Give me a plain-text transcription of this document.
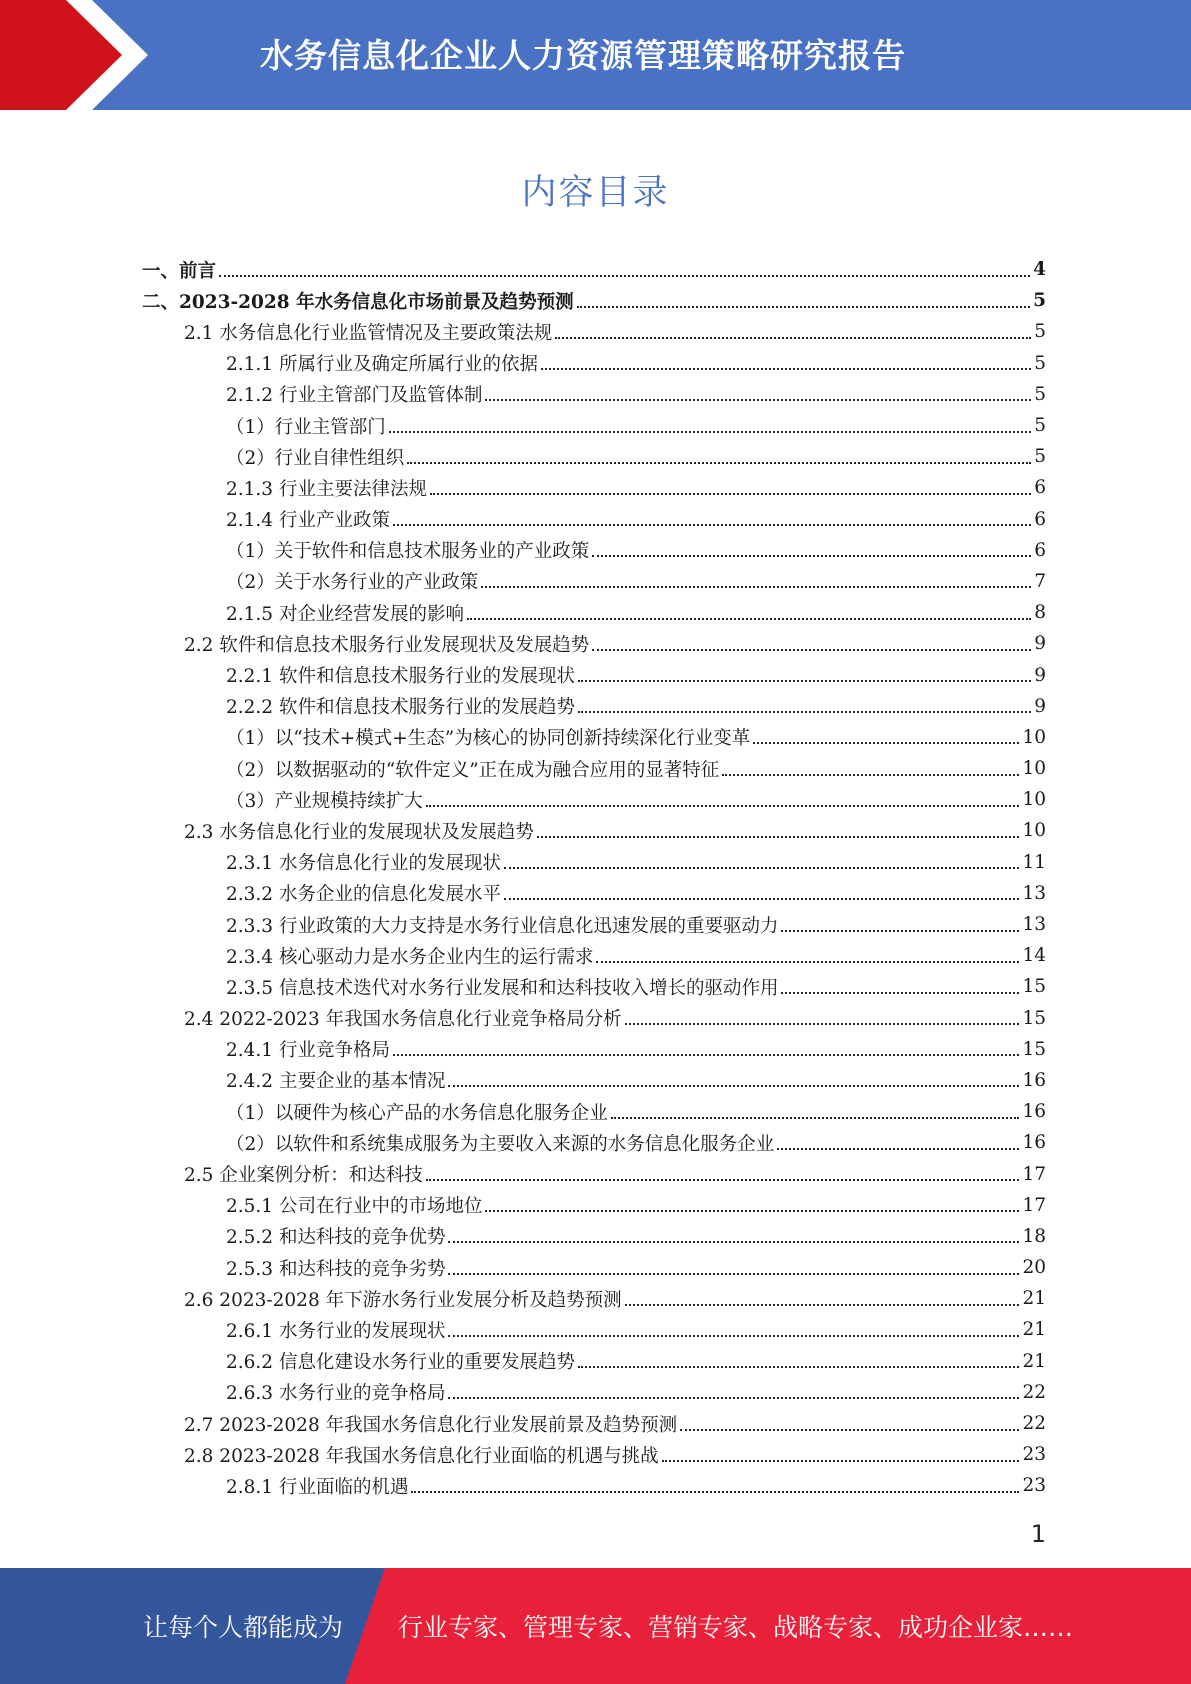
水务信息化企业人力资源管理策略研究报告
内容目录
一、前言	4
二、2023-2028 年水务信息化市场前景及趋势预测	5
2.1 水务信息化行业监管情况及主要政策法规	5
2.1.1 所属行业及确定所属行业的依据	5
2.1.2 行业主管部门及监管体制	5
（1）行业主管部门	5
（2）行业自律性组织	5
2.1.3 行业主要法律法规	6
2.1.4 行业产业政策	6
（1）关于软件和信息技术服务业的产业政策	6
（2）关于水务行业的产业政策	7
2.1.5 对企业经营发展的影响	8
2.2 软件和信息技术服务行业发展现状及发展趋势	9
2.2.1 软件和信息技术服务行业的发展现状	9
2.2.2 软件和信息技术服务行业的发展趋势	9
（1）以“技术+模式+生态”为核心的协同创新持续深化行业变革	10
（2）以数据驱动的“软件定义”正在成为融合应用的显著特征	10
（3）产业规模持续扩大	10
2.3 水务信息化行业的发展现状及发展趋势	10
2.3.1 水务信息化行业的发展现状	11
2.3.2 水务企业的信息化发展水平	13
2.3.3 行业政策的大力支持是水务行业信息化迅速发展的重要驱动力	13
2.3.4 核心驱动力是水务企业内生的运行需求	14
2.3.5 信息技术迭代对水务行业发展和和达科技收入增长的驱动作用	15
2.4 2022-2023 年我国水务信息化行业竞争格局分析	15
2.4.1 行业竞争格局	15
2.4.2 主要企业的基本情况	16
（1）以硬件为核心产品的水务信息化服务企业	16
（2）以软件和系统集成服务为主要收入来源的水务信息化服务企业	16
2.5 企业案例分析：和达科技	17
2.5.1 公司在行业中的市场地位	17
2.5.2 和达科技的竞争优势	18
2.5.3 和达科技的竞争劣势	20
2.6 2023-2028 年下游水务行业发展分析及趋势预测	21
2.6.1 水务行业的发展现状	21
2.6.2 信息化建设水务行业的重要发展趋势	21
2.6.3 水务行业的竞争格局	22
2.7 2023-2028 年我国水务信息化行业发展前景及趋势预测	22
2.8 2023-2028 年我国水务信息化行业面临的机遇与挑战	23
2.8.1 行业面临的机遇	23
1
让每个人都能成为 行业专家、管理专家、营销专家、战略专家、成功企业家……
